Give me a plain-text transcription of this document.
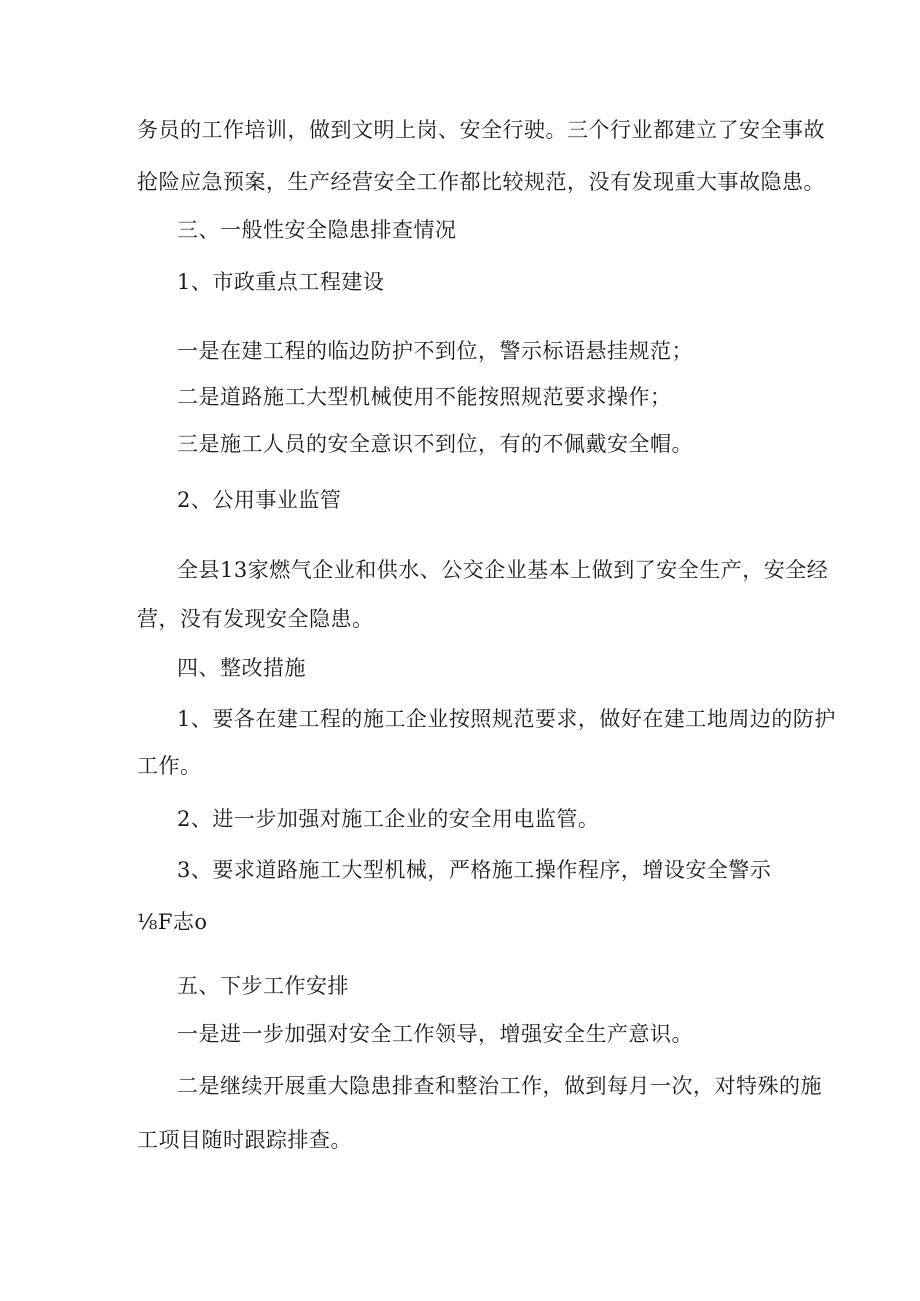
务员的工作培训，做到文明上岗、安全行驶。三个行业都建立了安全事故
抢险应急预案，生产经营安全工作都比较规范，没有发现重大事故隐患。
三、一般性安全隐患排查情况
1、市政重点工程建设
一是在建工程的临边防护不到位，警示标语悬挂规范；
二是道路施工大型机械使用不能按照规范要求操作；
三是施工人员的安全意识不到位，有的不佩戴安全帽。
2、公用事业监管
全县13家燃气企业和供水、公交企业基本上做到了安全生产，安全经
营，没有发现安全隐患。
四、整改措施
1、要各在建工程的施工企业按照规范要求，做好在建工地周边的防护
工作。
2、进一步加强对施工企业的安全用电监管。
3、要求道路施工大型机械，严格施工操作程序，增设安全警示
⅛F志o
五、下步工作安排
一是进一步加强对安全工作领导，增强安全生产意识。
二是继续开展重大隐患排查和整治工作，做到每月一次，对特殊的施
工项目随时跟踪排查。
